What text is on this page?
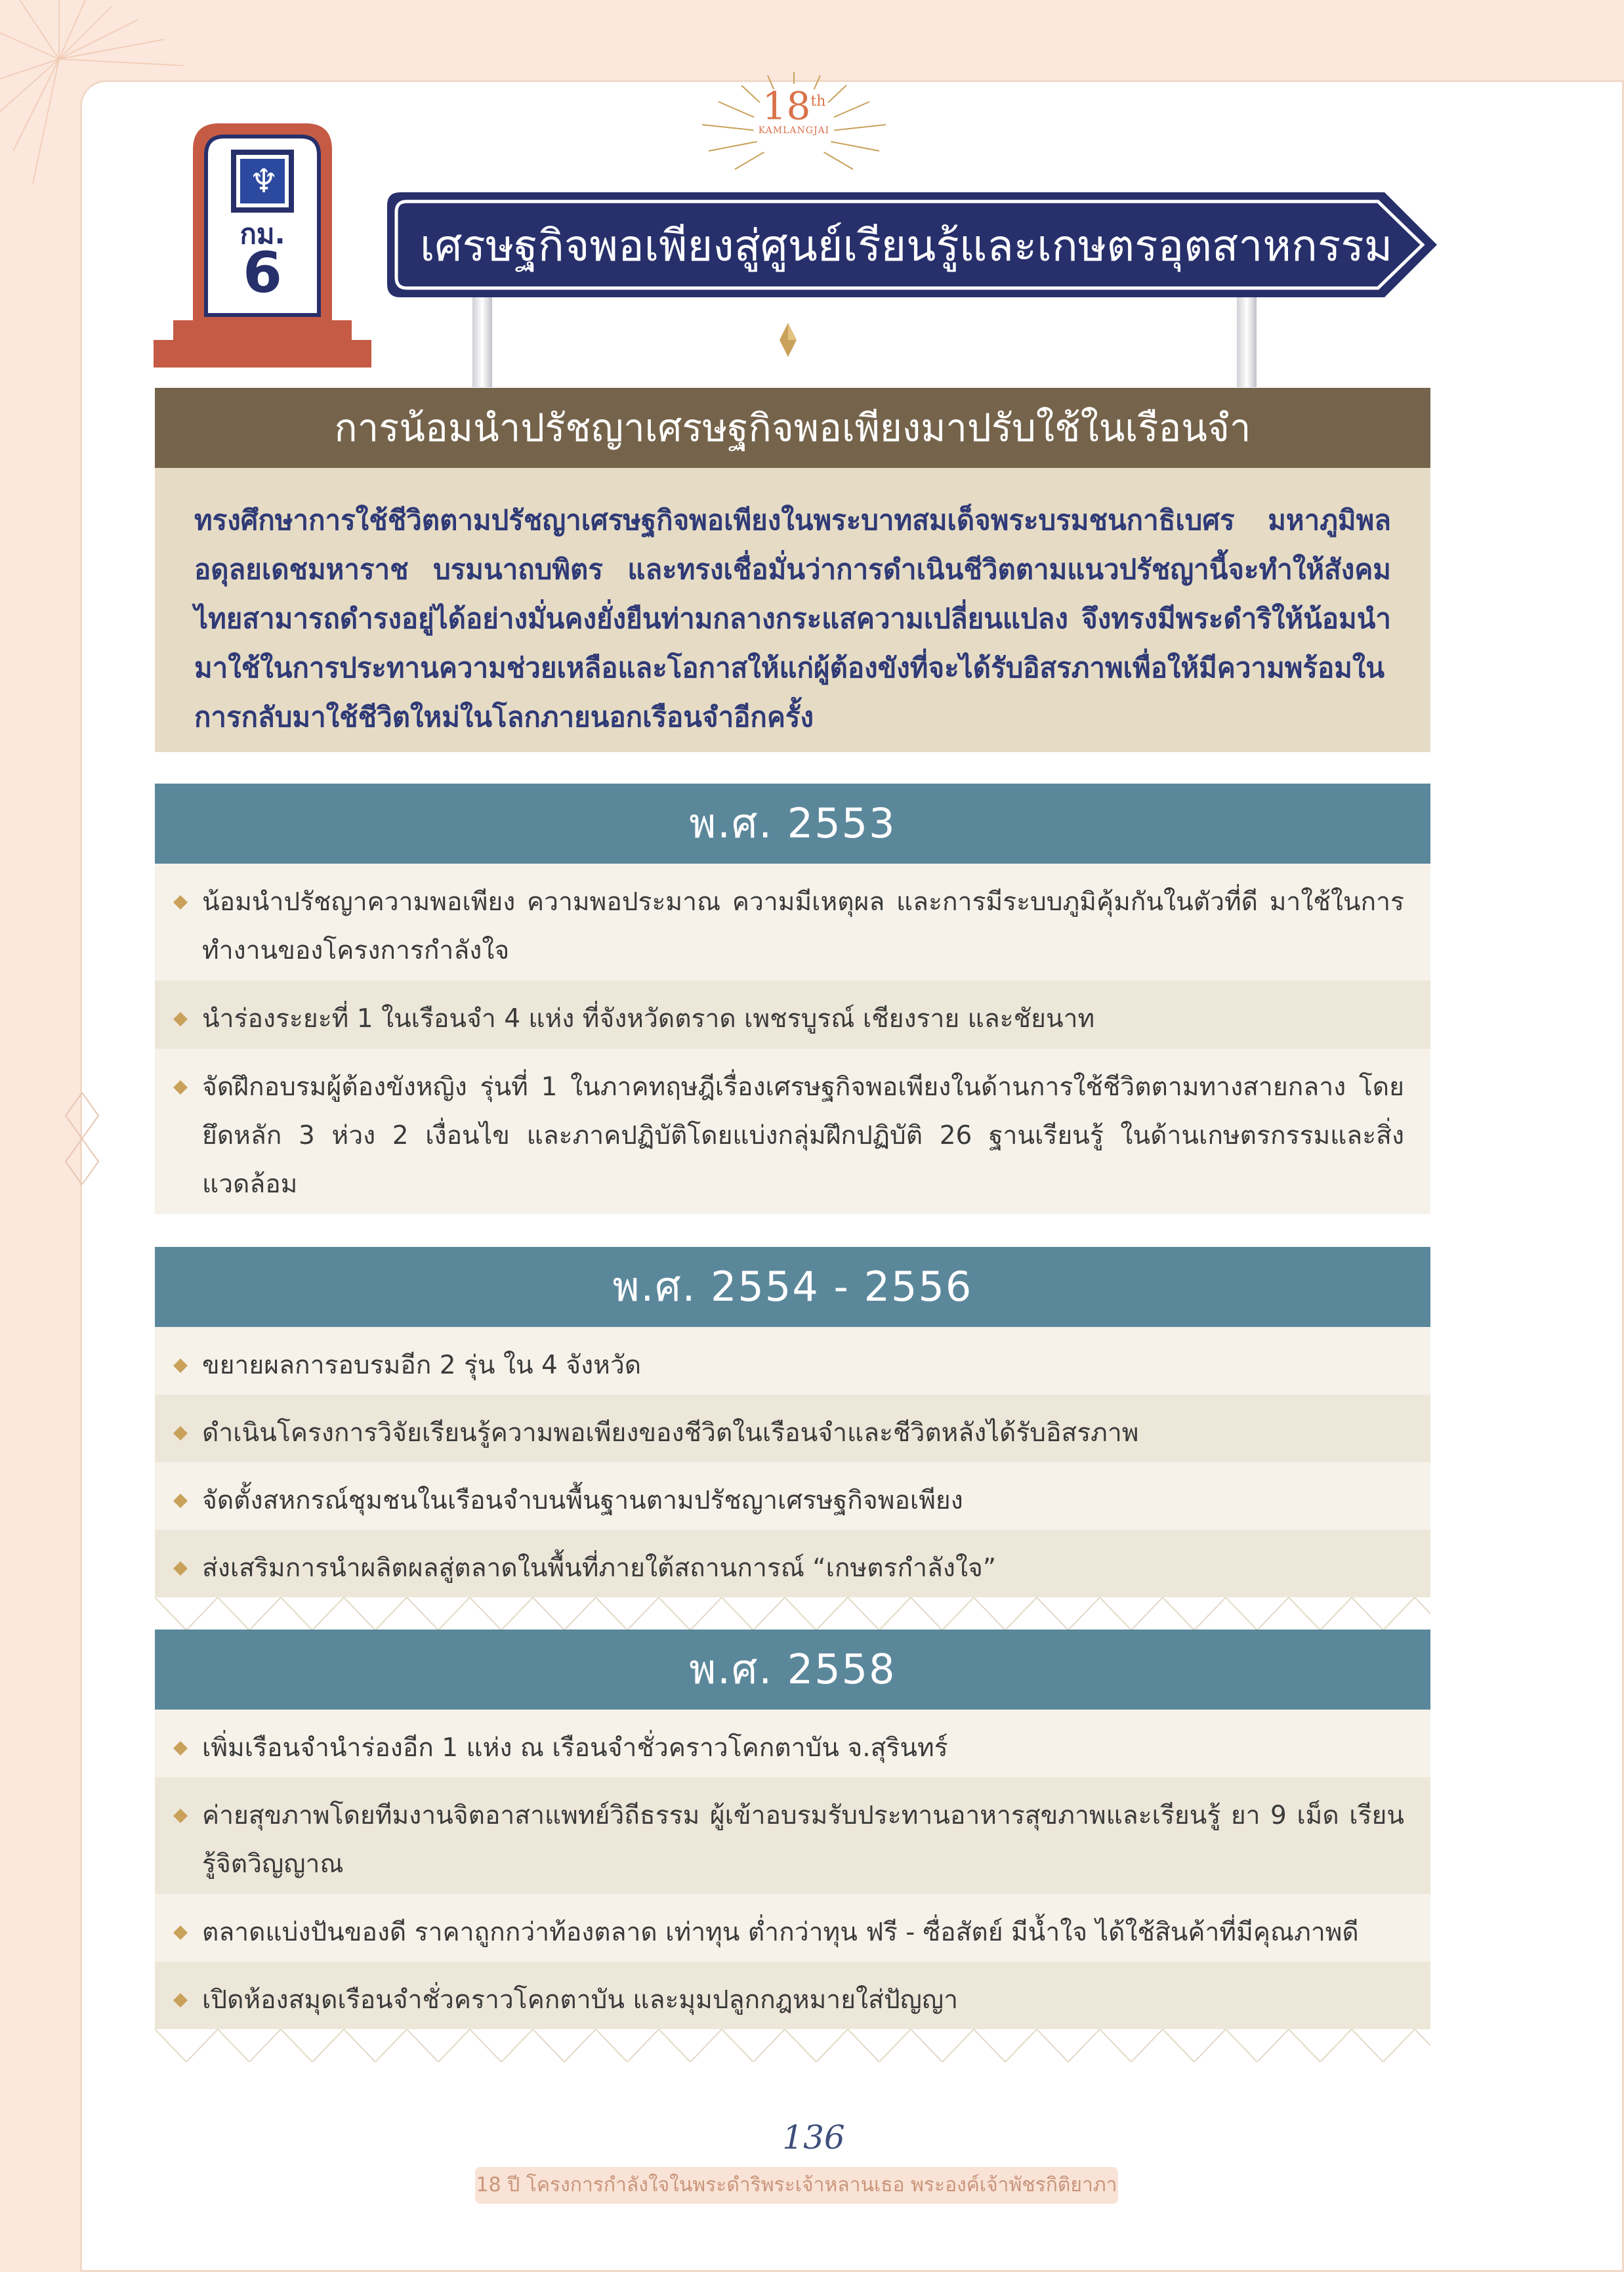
18th
KAMLANGJAI
♆
กม.
6	เศรษฐกิจพอเพียงสู่ศูนย์เรียนรู้และเกษตรอุตสาหกรรม
การน้อมนำปรัชญาเศรษฐกิจพอเพียงมาปรับใช้ในเรือนจำ
ทรงศึกษาการใช้ชีวิตตามปรัชญาเศรษฐกิจพอเพียงในพระบาทสมเด็จพระบรมชนกาธิเบศร มหาภูมิพลอดุลยเดชมหาราช บรมนาถบพิตร และทรงเชื่อมั่นว่าการดำเนินชีวิตตามแนวปรัชญานี้จะทำให้สังคมไทยสามารถดำรงอยู่ได้อย่างมั่นคงยั่งยืนท่ามกลางกระแสความเปลี่ยนแปลง จึงทรงมีพระดำริให้น้อมนำมาใช้ในการประทานความช่วยเหลือและโอกาสให้แก่ผู้ต้องขังที่จะได้รับอิสรภาพเพื่อให้มีความพร้อมในการกลับมาใช้ชีวิตใหม่ในโลกภายนอกเรือนจำอีกครั้ง
พ.ศ. 2553
น้อมนำปรัชญาความพอเพียง ความพอประมาณ ความมีเหตุผล และการมีระบบภูมิคุ้มกันในตัวที่ดี มาใช้ในการทำงานของโครงการกำลังใจ
นำร่องระยะที่ 1 ในเรือนจำ 4 แห่ง ที่จังหวัดตราด เพชรบูรณ์ เชียงราย และชัยนาท
จัดฝึกอบรมผู้ต้องขังหญิง รุ่นที่ 1 ในภาคทฤษฎีเรื่องเศรษฐกิจพอเพียงในด้านการใช้ชีวิตตามทางสายกลาง โดยยึดหลัก 3 ห่วง 2 เงื่อนไข และภาคปฏิบัติโดยแบ่งกลุ่มฝึกปฏิบัติ 26 ฐานเรียนรู้ ในด้านเกษตรกรรมและสิ่งแวดล้อม
พ.ศ. 2554 - 2556
ขยายผลการอบรมอีก 2 รุ่น ใน 4 จังหวัด
ดำเนินโครงการวิจัยเรียนรู้ความพอเพียงของชีวิตในเรือนจำและชีวิตหลังได้รับอิสรภาพ
จัดตั้งสหกรณ์ชุมชนในเรือนจำบนพื้นฐานตามปรัชญาเศรษฐกิจพอเพียง
ส่งเสริมการนำผลิตผลสู่ตลาดในพื้นที่ภายใต้สถานการณ์ “เกษตรกำลังใจ”
พ.ศ. 2558
เพิ่มเรือนจำนำร่องอีก 1 แห่ง ณ เรือนจำชั่วคราวโคกตาบัน จ.สุรินทร์
ค่ายสุขภาพโดยทีมงานจิตอาสาแพทย์วิถีธรรม ผู้เข้าอบรมรับประทานอาหารสุขภาพและเรียนรู้ ยา 9 เม็ด เรียนรู้จิตวิญญาณ
ตลาดแบ่งปันของดี ราคาถูกกว่าท้องตลาด เท่าทุน ต่ำกว่าทุน ฟรี - ซื่อสัตย์ มีน้ำใจ ได้ใช้สินค้าที่มีคุณภาพดี
เปิดห้องสมุดเรือนจำชั่วคราวโคกตาบัน และมุมปลูกกฎหมายใส่ปัญญา
136
18 ปี โครงการกำลังใจในพระดำริพระเจ้าหลานเธอ พระองค์เจ้าพัชรกิติยาภา
